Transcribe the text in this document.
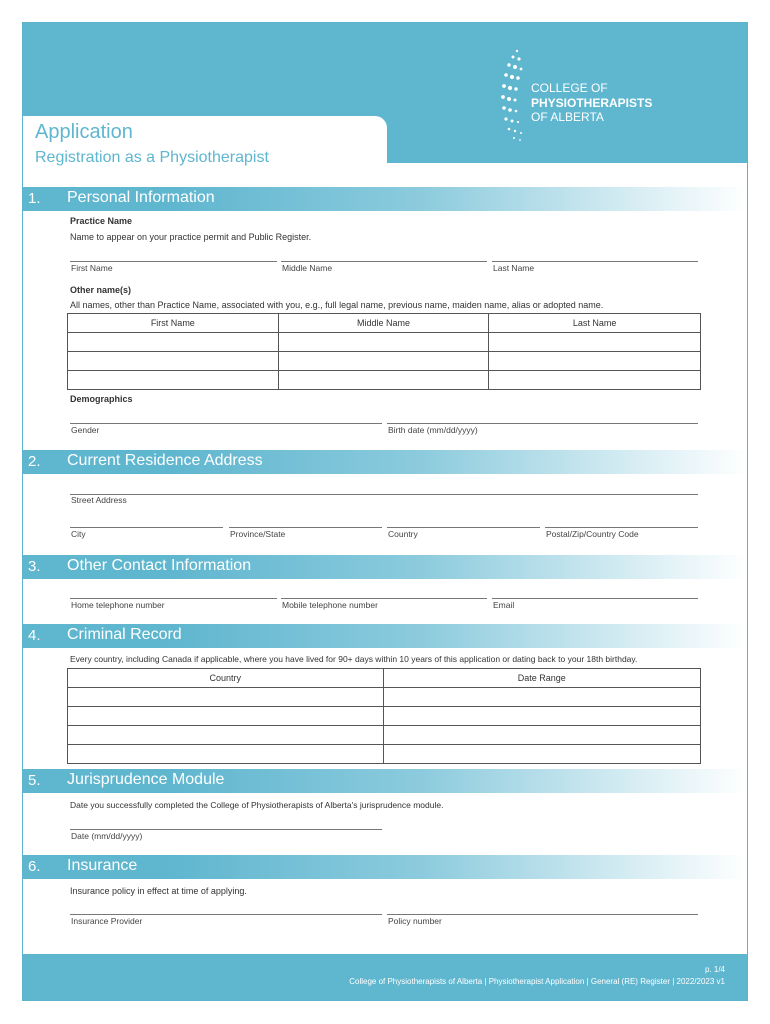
COLLEGE OF
PHYSIOTHERAPISTS
OF ALBERTA
Application
Registration as a Physiotherapist
1. Personal Information
Practice Name
Name to appear on your practice permit and Public Register.
First Name	Middle Name	Last Name
Other name(s)
All names, other than Practice Name, associated with you, e.g., full legal name, previous name, maiden name, alias or adopted name.
First Name	Middle Name	Last Name

Demographics
Gender	Birth date (mm/dd/yyyy)
2. Current Residence Address
Street Address
City	Province/State	Country	Postal/Zip/Country Code
3. Other Contact Information
Home telephone number	Mobile telephone number	Email
4. Criminal Record
Every country, including Canada if applicable, where you have lived for 90+ days within 10 years of this application or dating back to your 18th birthday.
Country	Date Range

5. Jurisprudence Module
Date you successfully completed the College of Physiotherapists of Alberta's jurisprudence module.
Date (mm/dd/yyyy)
6. Insurance
Insurance policy in effect at time of applying.
Insurance Provider	Policy number
p. 1/4
College of Physiotherapists of Alberta | Physiotherapist Application | General (RE) Register | 2022/2023 v1
